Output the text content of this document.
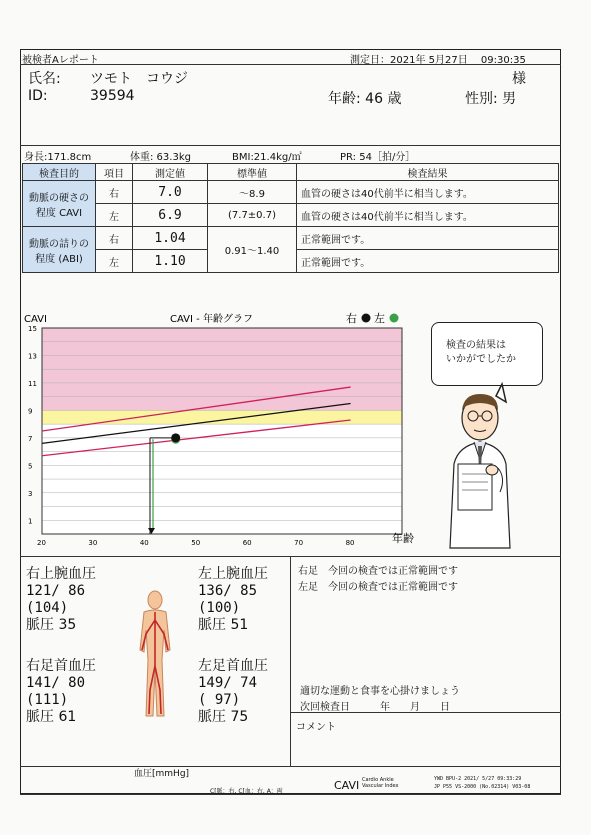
被検者Aレポート	測定日：2021年 5月27日 09:30:35
氏名: ツモト　コウジ	様
ID:	39594	年齢: 46 歳	性別: 男
身長:171.8cm	体重: 63.3kg	BMI:21.4kg/㎡	PR: 54［拍/分］
検査目的	項目	測定値	標準値	検査結果
動脈の硬さの程度 CAVI	右	7.0	～8.9	血管の硬さは40代前半に相当します。
	左	6.9	(7.7±0.7)	血管の硬さは40代前半に相当します。
動脈の詰りの程度 (ABI)	右	1.04	0.91～1.40	正常範囲です。
	左	1.10		正常範囲です。
CAVI	CAVI - 年齢グラフ	右 左
1
3
5
7
9
11
13
15
20	30	40	50	60	70	80	年齢
検査の結果は
いかがでしたか
右上腕血圧
121/ 86
(104)
脈圧 35
左上腕血圧
136/ 85
(100)
脈圧 51
右足首血圧
141/ 80
(111)
脈圧 61
左足首血圧
149/ 74
( 97)
脈圧 75
血圧[mmHg]
右足　今回の検査では正常範囲です
左足　今回の検査では正常範囲です
適切な運動と食事を心掛けましょう
次回検査日　　　年　　月　　日
コメント
C[脈：右, C[血：右, A：両	CAVI Cardio Ankle
Vascular Index
YWD BPU-2 2021/ 5/27 09:33:29
JP P55 VS-2000 (No.02314) V03-08
